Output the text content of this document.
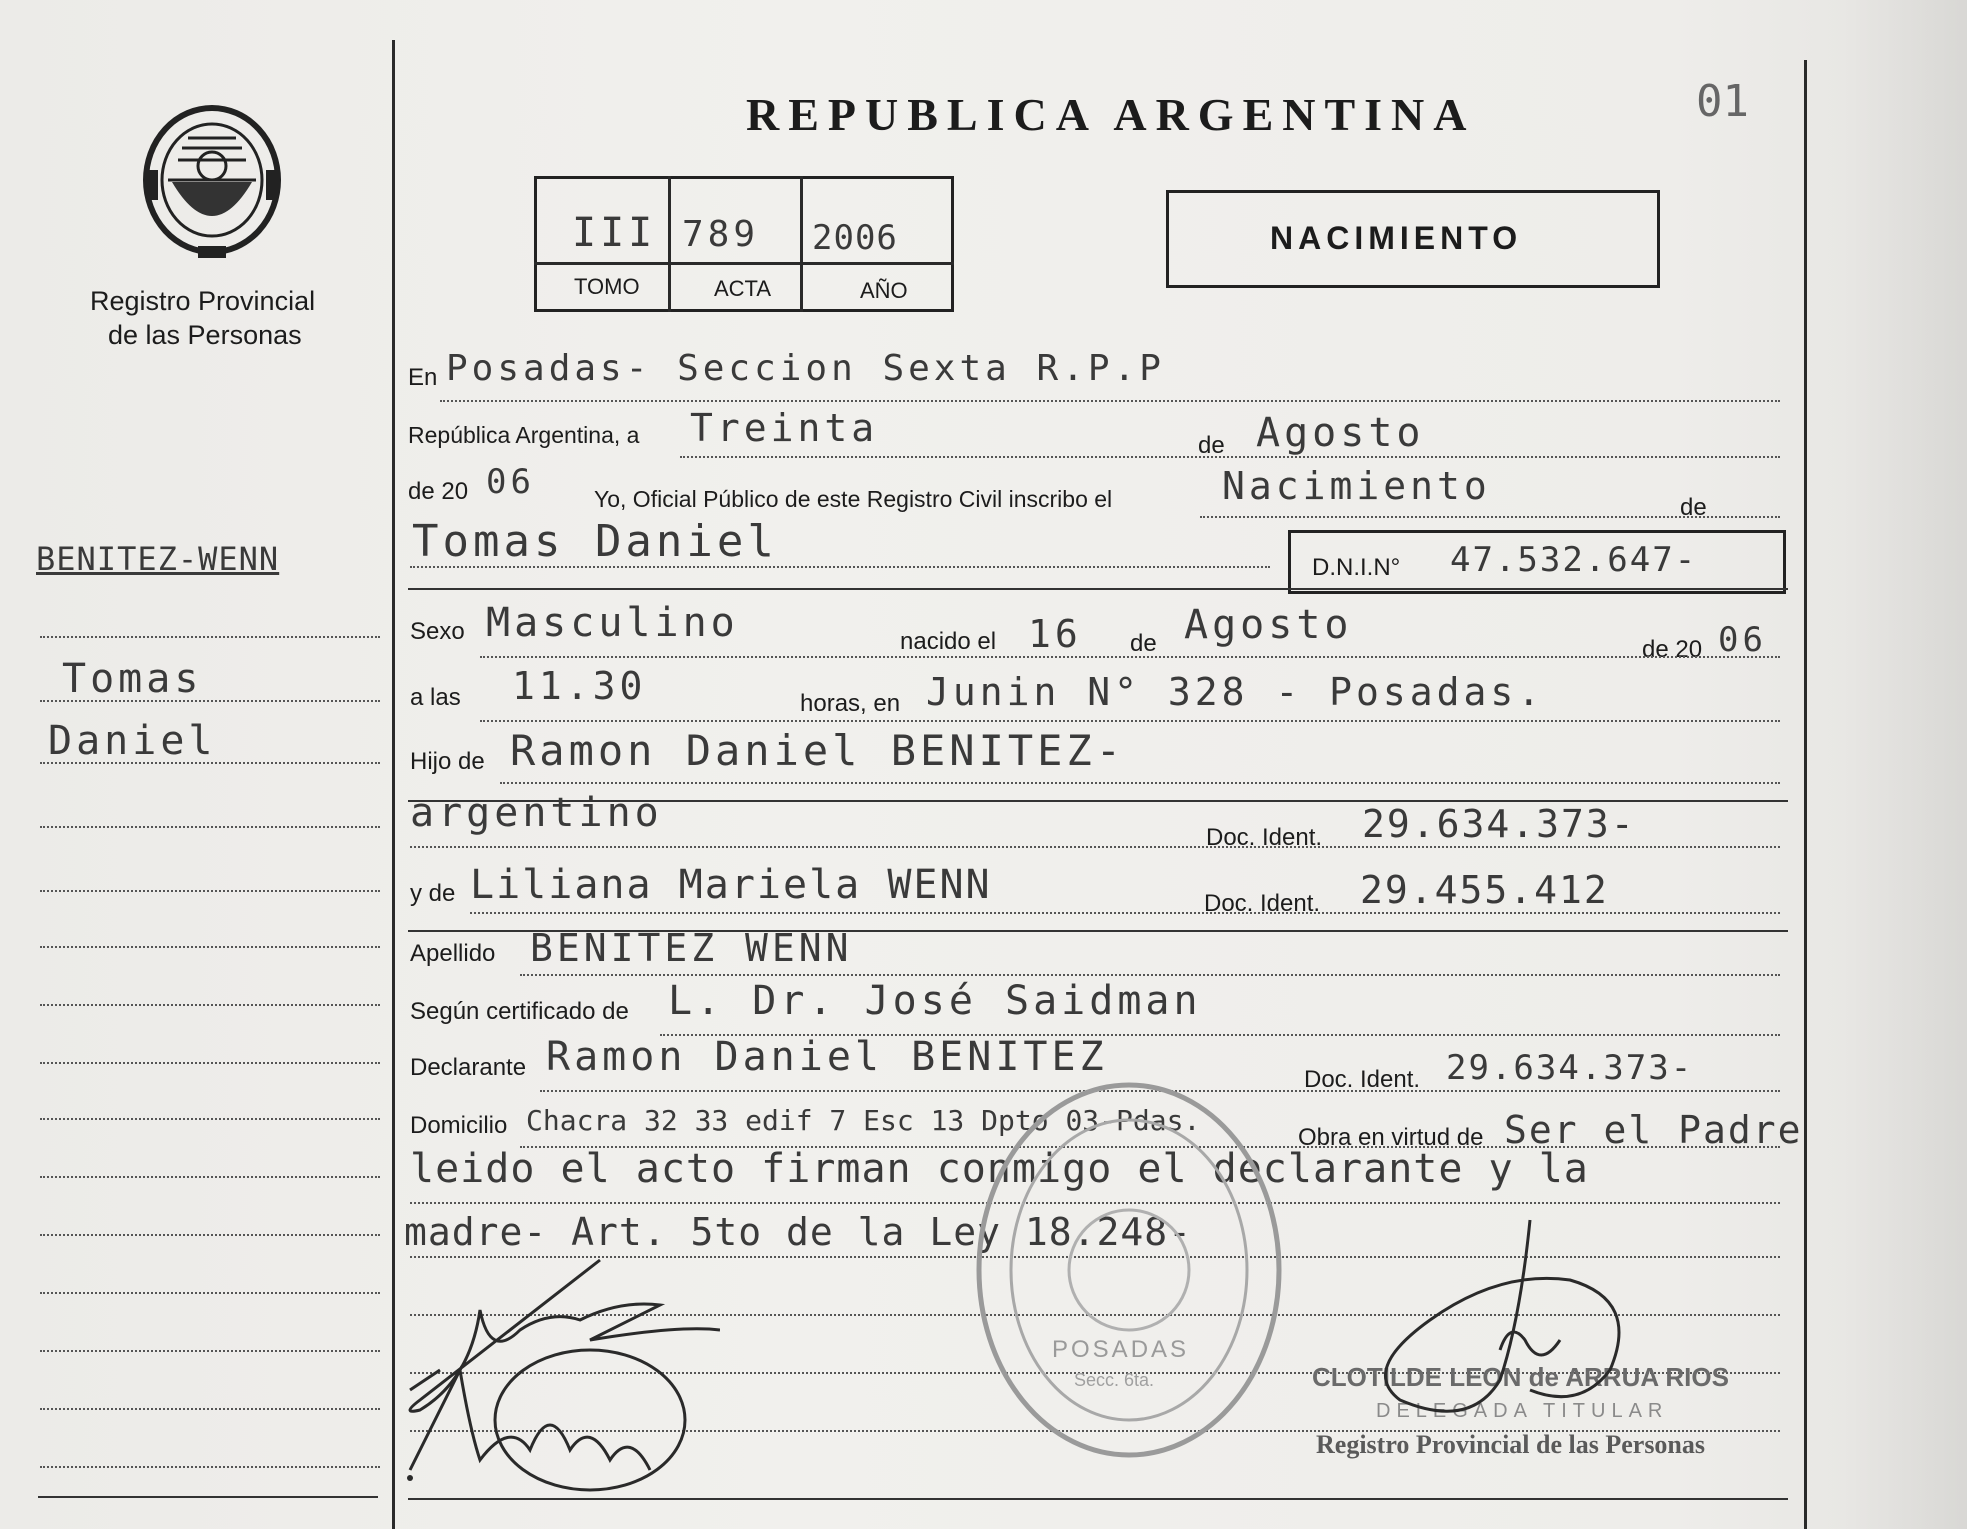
Registro Provincial
de las Personas
REPUBLICA ARGENTINA	01
NACIMIENTO
III 789 2006
TOMO	ACTA	AÑO
BENITEZ-WENN
Tomas
Daniel
En Posadas- Seccion Sexta R.P.P
República Argentina, a Treinta	de Agosto
de 20 06	Yo, Oficial Público de este Registro Civil inscribo el	Nacimiento	de
Tomas Daniel
D.N.I.N° 47.532.647-
Sexo Masculino	nacido el 16 de Agosto
de 20 06
a las 11.30	horas, en Junin N° 328 - Posadas.
Hijo de Ramon Daniel BENITEZ-
argentino
Doc. Ident. 29.634.373-
y de Liliana Mariela WENN	Doc. Ident. 29.455.412
Apellido BENITEZ WENN
Según certificado de L. Dr. José Saidman
Declarante Ramon Daniel BENITEZ	Doc. Ident. 29.634.373-
Domicilio Chacra 32 33 edif 7 Esc 13 Dpto 03-Pdas.
Obra en virtud de Ser el Padre
leido el acto firman conmigo el declarante y la
madre- Art. 5to de la Ley 18.248-
POSADAS
Secc. 6ta.	CLOTILDE LEON de ARRUA RIOS
DELEGADA TITULAR
Registro Provincial de las Personas
